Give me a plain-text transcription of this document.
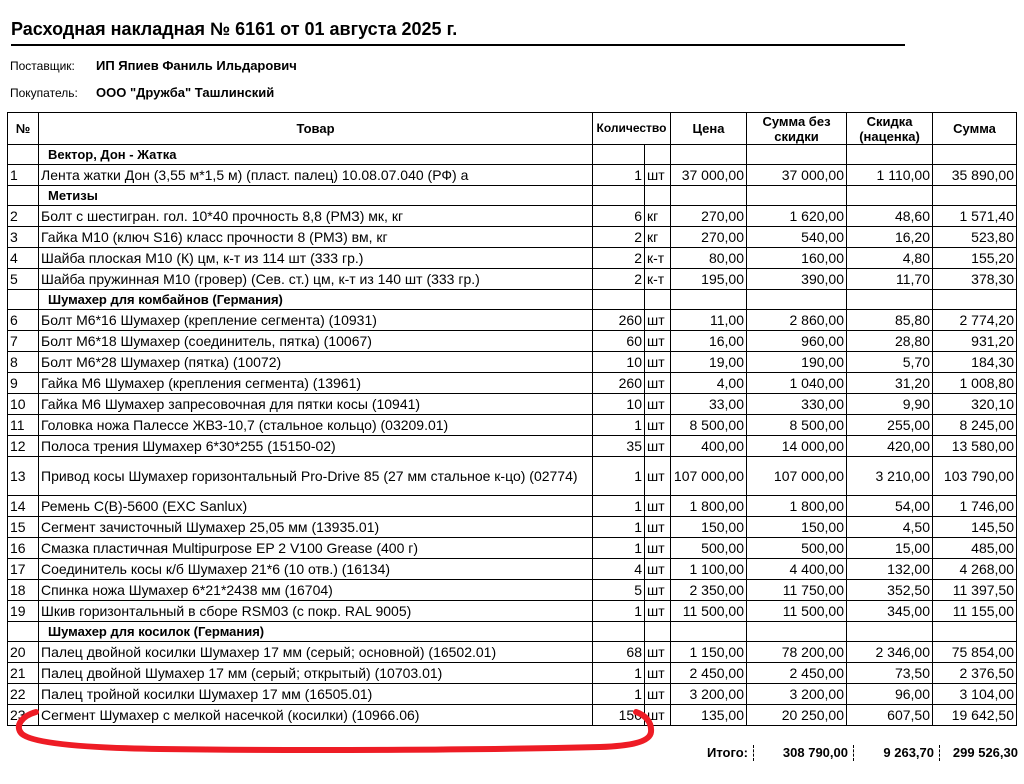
Расходная накладная № 6161 от 01 августа 2025 г.
Поставщик: ИП Япиев Фаниль Ильдарович
Покупатель: ООО "Дружба" Ташлинский
№	Товар	Количество		Цена	Сумма без скидки	Скидка (наценка)	Сумма
	Вектор, Дон - Жатка						
1	Лента жатки Дон (3,55 м*1,5 м) (пласт. палец) 10.08.07.040 (РФ) а	1	шт	37 000,00	37 000,00	1 110,00	35 890,00
	Метизы						
2	Болт с шестигран. гол. 10*40 прочность 8,8 (РМЗ) мк, кг	6	кг	270,00	1 620,00	48,60	1 571,40
3	Гайка М10 (ключ S16) класс прочности 8 (РМЗ) вм, кг	2	кг	270,00	540,00	16,20	523,80
4	Шайба плоская М10 (К) цм, к-т из 114 шт (333 гр.)	2	к-т	80,00	160,00	4,80	155,20
5	Шайба пружинная М10 (гровер) (Сев. ст.) цм, к-т из 140 шт (333 гр.)	2	к-т	195,00	390,00	11,70	378,30
	Шумахер для комбайнов (Германия)						
6	Болт М6*16 Шумахер (крепление сегмента) (10931)	260	шт	11,00	2 860,00	85,80	2 774,20
7	Болт М6*18 Шумахер (соединитель, пятка) (10067)	60	шт	16,00	960,00	28,80	931,20
8	Болт М6*28 Шумахер (пятка) (10072)	10	шт	19,00	190,00	5,70	184,30
9	Гайка М6 Шумахер (крепления сегмента) (13961)	260	шт	4,00	1 040,00	31,20	1 008,80
10	Гайка М6 Шумахер запресовочная для пятки косы (10941)	10	шт	33,00	330,00	9,90	320,10
11	Головка ножа Палессе ЖВЗ-10,7 (стальное кольцо) (03209.01)	1	шт	8 500,00	8 500,00	255,00	8 245,00
12	Полоса трения Шумахер 6*30*255 (15150-02)	35	шт	400,00	14 000,00	420,00	13 580,00
13	Привод косы Шумахер горизонтальный Pro-Drive 85 (27 мм стальное к-цо) (02774)	1	шт	107 000,00	107 000,00	3 210,00	103 790,00
14	Ремень С(В)-5600 (EXC Sanlux)	1	шт	1 800,00	1 800,00	54,00	1 746,00
15	Сегмент зачисточный Шумахер 25,05 мм (13935.01)	1	шт	150,00	150,00	4,50	145,50
16	Смазка пластичная Multipurpose EP 2 V100 Grease (400 г)	1	шт	500,00	500,00	15,00	485,00
17	Соединитель косы к/б Шумахер 21*6 (10 отв.) (16134)	4	шт	1 100,00	4 400,00	132,00	4 268,00
18	Спинка ножа Шумахер 6*21*2438 мм (16704)	5	шт	2 350,00	11 750,00	352,50	11 397,50
19	Шкив горизонтальный в сборе RSM03 (с покр. RAL 9005)	1	шт	11 500,00	11 500,00	345,00	11 155,00
	Шумахер для косилок (Германия)						
20	Палец двойной косилки Шумахер 17 мм (серый; основной) (16502.01)	68	шт	1 150,00	78 200,00	2 346,00	75 854,00
21	Палец двойной Шумахер 17 мм (серый; открытый) (10703.01)	1	шт	2 450,00	2 450,00	73,50	2 376,50
22	Палец тройной косилки Шумахер 17 мм (16505.01)	1	шт	3 200,00	3 200,00	96,00	3 104,00
23	Сегмент Шумахер с мелкой насечкой (косилки) (10966.06)	150	шт	135,00	20 250,00	607,50	19 642,50
Итого:	308 790,00	9 263,70	299 526,30
